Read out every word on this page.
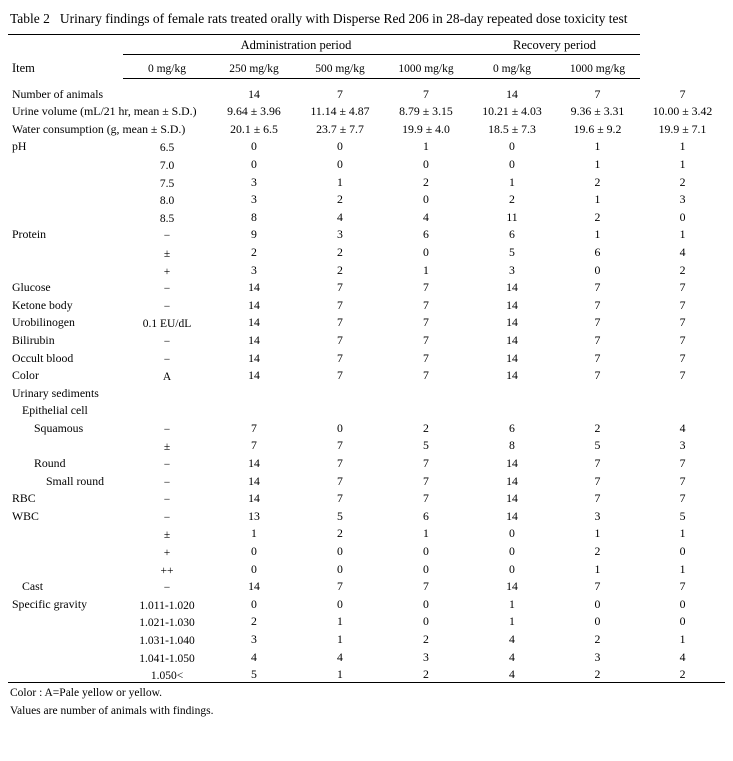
Table 2 Urinary findings of female rats treated orally with Disperse Red 206 in 28-day repeated dose toxicity test
Item	Administration period				Recovery period		

	0 mg/kg	250 mg/kg	500 mg/kg	1000 mg/kg	0 mg/kg	1000 mg/kg	

Number of animals		14	7	7	14	7	7
Urine volume (mL/21 hr, mean ± S.D.)		9.64 ± 3.96	11.14 ± 4.87	8.79 ± 3.15	10.21 ± 4.03	9.36 ± 3.31	10.00 ± 3.42
Water consumption (g, mean ± S.D.)		20.1 ± 6.5	23.7 ± 7.7	19.9 ± 4.0	18.5 ± 7.3	19.6 ± 9.2	19.9 ± 7.1
pH	6.5	0	0	1	0	1	1
	7.0	0	0	0	0	1	1
	7.5	3	1	2	1	2	2
	8.0	3	2	0	2	1	3
	8.5	8	4	4	11	2	0
Protein	−	9	3	6	6	1	1
	±	2	2	0	5	6	4
	+	3	2	1	3	0	2
Glucose	−	14	7	7	14	7	7
Ketone body	−	14	7	7	14	7	7
Urobilinogen	0.1 EU/dL	14	7	7	14	7	7
Bilirubin	−	14	7	7	14	7	7
Occult blood	−	14	7	7	14	7	7
Color	A	14	7	7	14	7	7
Urinary sediments							
Epithelial cell							
Squamous	−	7	0	2	6	2	4
	±	7	7	5	8	5	3
Round	−	14	7	7	14	7	7
Small round	−	14	7	7	14	7	7
RBC	−	14	7	7	14	7	7
WBC	−	13	5	6	14	3	5
	±	1	2	1	0	1	1
	+	0	0	0	0	2	0
	++	0	0	0	0	1	1
Cast	−	14	7	7	14	7	7
Specific gravity	1.011-1.020	0	0	0	1	0	0
	1.021-1.030	2	1	0	1	0	0
	1.031-1.040	3	1	2	4	2	1
	1.041-1.050	4	4	3	4	3	4
	1.050<	5	1	2	4	2	2
Color : A=Pale yellow or yellow.
Values are number of animals with findings.
